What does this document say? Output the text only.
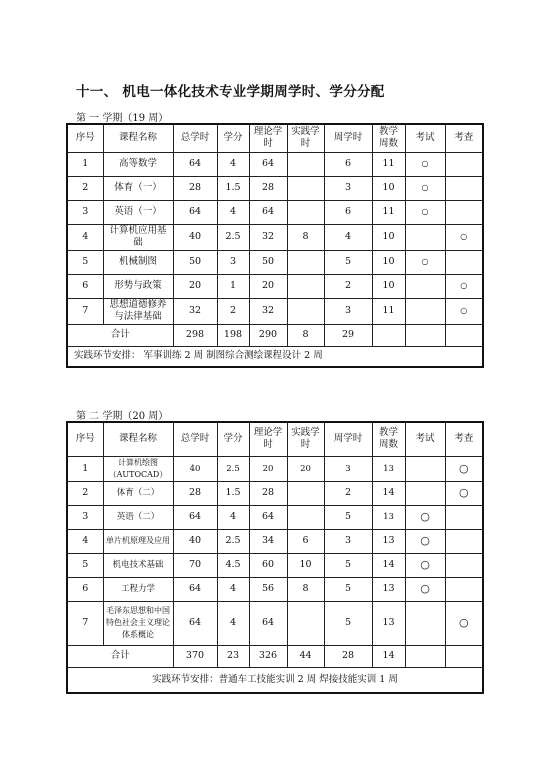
十一、 机电一体化技术专业学期周学时、学分分配
第 一 学期（19 周）
序号	课程名称	总学时	学分	理论学时	实践学时	周学时	教学周数	考试	考查
1	高等数学	64	4	64		6	11	○	
2	体育（一）	28	1.5	28		3	10	○	
3	英语（一）	64	4	64		6	11	○	
4	计算机应用基础	40	2.5	32	8	4	10		○
5	机械制图	50	3	50		5	10	○	
6	形势与政策	20	1	20		2	10		○
7	思想道德修养与法律基础	32	2	32		3	11		○
合计		298	198	290	8	29			
实践环节安排： 军事训练 2 周 制图综合测绘课程设计 2 周									
第 二 学期（20 周）
序号	课程名称	总学时	学分	理论学时	实践学时	周学时	教学周数	考试	考查
1	计算机绘图（AUTOCAD）	40	2.5	20	20	3	13		○
2	体育（二）	28	1.5	28		2	14		○
3	英语（二）	64	4	64		5	13	○	
4	单片机原理及应用	40	2.5	34	6	3	13	○	
5	机电技术基础	70	4.5	60	10	5	14	○	
6	工程力学	64	4	56	8	5	13	○	
7	毛泽东思想和中国特色社会主义理论体系概论	64	4	64		5	13		○
合计		370	23	326	44	28	14		
实践环节安排：普通车工技能实训 2 周 焊接技能实训 1 周									
